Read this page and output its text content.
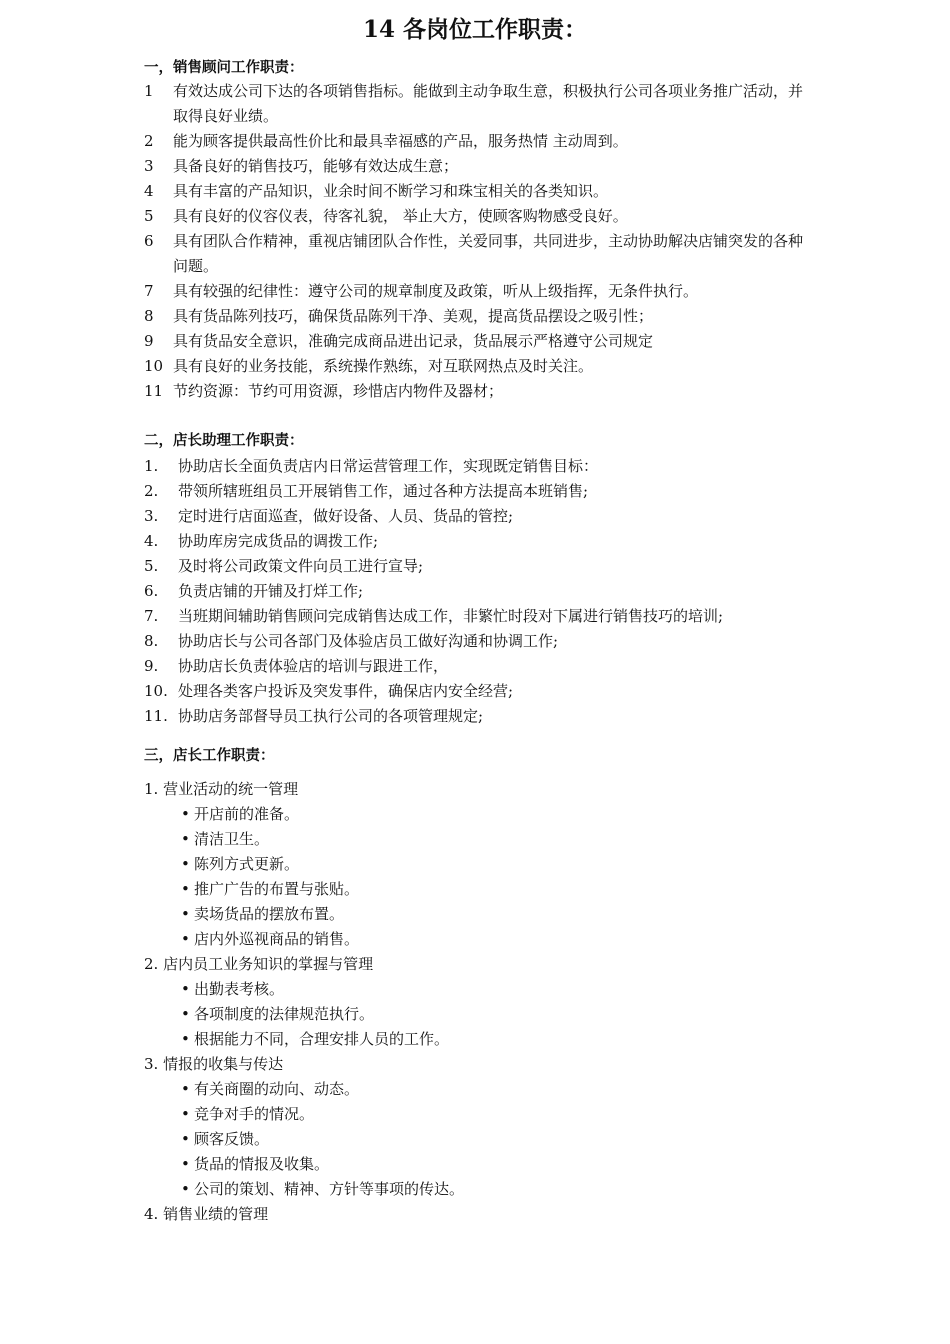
14 各岗位工作职责：
一，销售顾问工作职责：
1	有效达成公司下达的各项销售指标。能做到主动争取生意，积极执行公司各项业务推广活动，并取得良好业绩。
2	能为顾客提供最高性价比和最具幸福感的产品，服务热情 主动周到。
3	具备良好的销售技巧，能够有效达成生意；
4	具有丰富的产品知识，业余时间不断学习和珠宝相关的各类知识。
5	具有良好的仪容仪表，待客礼貌， 举止大方，使顾客购物感受良好。
6	具有团队合作精神，重视店铺团队合作性，关爱同事，共同进步，主动协助解决店铺突发的各种问题。
7	具有较强的纪律性：遵守公司的规章制度及政策，听从上级指挥，无条件执行。
8	具有货品陈列技巧，确保货品陈列干净、美观，提高货品摆设之吸引性；
9	具有货品安全意识，准确完成商品进出记录，货品展示严格遵守公司规定
10 具有良好的业务技能，系统操作熟练，对互联网热点及时关注。
11 节约资源：节约可用资源，珍惜店内物件及器材；
二，店长助理工作职责：
1.	协助店长全面负责店内日常运营管理工作，实现既定销售目标：
2.	带领所辖班组员工开展销售工作，通过各种方法提高本班销售;
3.	定时进行店面巡查，做好设备、人员、货品的管控;
4.	协助库房完成货品的调拨工作;
5.	及时将公司政策文件向员工进行宣导;
6.	负责店铺的开铺及打烊工作;
7.	当班期间辅助销售顾问完成销售达成工作，非繁忙时段对下属进行销售技巧的培训;
8.	协助店长与公司各部门及体验店员工做好沟通和协调工作;
9.	协助店长负责体验店的培训与跟进工作，
10. 处理各类客户投诉及突发事件，确保店内安全经营;
11. 协助店务部督导员工执行公司的各项管理规定;
三，店长工作职责：
1. 营业活动的统一管理
• 开店前的准备。
• 清洁卫生。
• 陈列方式更新。
• 推广广告的布置与张贴。
• 卖场货品的摆放布置。
• 店内外巡视商品的销售。
2. 店内员工业务知识的掌握与管理
• 出勤表考核。
• 各项制度的法律规范执行。
• 根据能力不同，合理安排人员的工作。
3. 情报的收集与传达
• 有关商圈的动向、动态。
• 竞争对手的情况。
• 顾客反馈。
• 货品的情报及收集。
• 公司的策划、精神、方针等事项的传达。
4. 销售业绩的管理
